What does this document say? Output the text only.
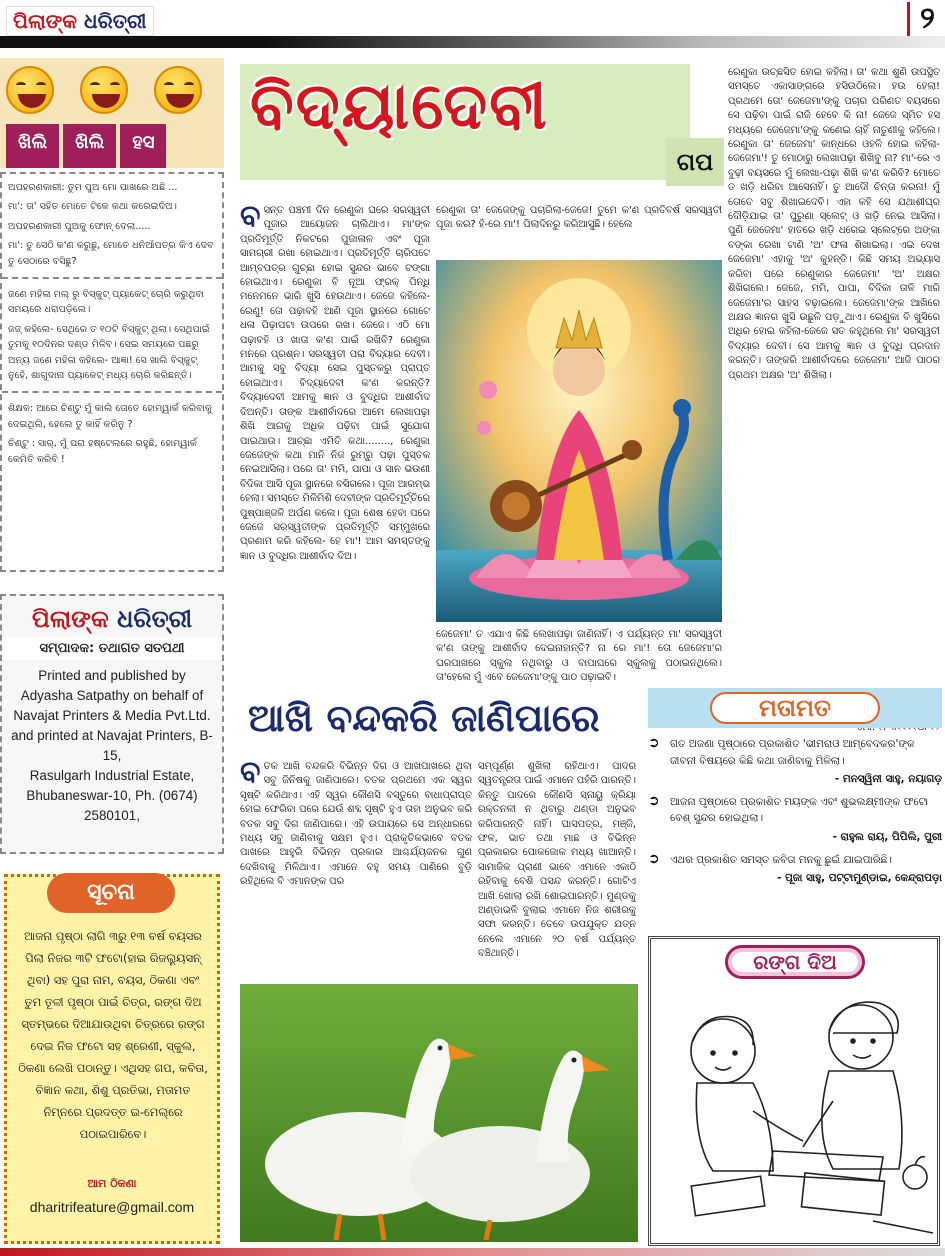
ପିଲାଙ୍କ ଧରିତ୍ରୀ	୨
ଖିଲି	ଖିଲି	ହସ

ଅପହରଣକାରୀ: ତୁମ ପୁଅ ମୋ ପାଖରେ ଅଛି ...

ମା': ତା' ସହିତ ମୋତେ ଟିକେ କଥା କରେଇଦିଅ।

ଅପହରଣକାରୀ ପୁଅକୁ ଫୋନ୍ ଦେଲା.....

ମା': ତୁ ସେଠି କ'ଣ କରୁଛୁ, ମୋତେ ଧନିଆଁପତ୍ର କିଏ ଦେବ ତୁ ସେଠାରେ ବସିଛୁ?

ଜଣେ ମହିଳା ମଲ୍ ରୁ ବିସ୍କୁଟ୍ ପ୍ୟାକେଟ୍ ଚୋରି କରୁଥିବା ସମୟରେ ଧରାପଡ଼ିଲେ।

ଜଜ୍ କହିଲେ- ସେଥିରେ ତ ୧୦ଟି ବିସ୍କୁଟ୍ ଥିଲା। ସେଥିପାଇଁ ତୁମକୁ ୧୦ଦିନର ଦଣ୍ଡ ମିଳିବ। ସେଇ ସମୟରେ ପଛରୁ ଅନ୍ୟ ଜଣେ ମହିଳା କହିଲେ- ଆଜ୍ଞା! ସେ ଖାଲି ବିସ୍କୁଟ୍ ନୁହେଁ, ଶାଗୁଦାନା ପ୍ୟାକେଟ୍ ମଧ୍ୟ ଚୋରି କରିଛନ୍ତି।

ଶିକ୍ଷକ: ଆରେ ଚିଣ୍ଟୁ ମୁଁ କାଲି ତୋତେ ହୋମ୍‌ୱାର୍କ କରିବାକୁ ଦେଇଥିଲି, ହେଲେ ତୁ କାହିଁ କରିନୁ ?

ଚିଣ୍ଟୁ : ସାର୍, ମୁଁ ପରା ହଷ୍ଟେଲରେ ରହୁଛି, ହୋମ୍‌ୱାର୍କ କେମିତି କରିବି !

ପିଲାଙ୍କ ଧରିତ୍ରୀ
ସମ୍ପାଦକ: ତଥାଗତ ସତପଥୀ
Printed and published by
Adyasha Satpathy on behalf of
Navajat Printers & Media Pvt.Ltd.
and printed at Navajat Printers, B-15,
Rasulgarh Industrial Estate,
Bhubaneswar-10, Ph. (0674) 2580101,
ସୂଚନା
ଆଜନା ପୃଷ୍ଠା ଲାଗି ୩ରୁ ୧୩ ବର୍ଷ ବୟସର ପିଲା ନିଜର ୩ଟି ଫଟୋ(ହାଇ ରିଜଲ୍ୟୁସନ୍ ଥିବା) ସହ ପୁରା ନାମ, ବୟସ, ଠିକଣା ଏବଂ ତୁମ ତୂଳୀ ପୃଷ୍ଠା ପାଇଁ ଚିତ୍ର, ରଙ୍ଗ ଦିଅ ସ୍ତମ୍ଭରେ ଦିଆଯାଉଥିବା ଚିତ୍ରରେ ରଙ୍ଗ ଦେଇ ନିଜ ଫଟୋ ସହ ଶ୍ରେଣୀ, ସ୍କୁଲ, ଠିକଣା ଲେଖି ପଠାନ୍ତୁ। ଏଥିସହ ଗପ, କବିତା, ବିଜ୍ଞାନ କଥା, ଶିଶୁ ପ୍ରତିଭା, ମତାମତ ନିମ୍ନରେ ପ୍ରଦତ୍ତ ଇ-ମେଲ୍‌ରେ ପଠାଇପାରିବେ।
ଆମ ଠିକଣା
dharitrifeature@gmail.com
ବିଦ୍ୟାଦେବୀ
ଗପ
ବ ସନ୍ତ ପଞ୍ଚମୀ ଦିନ ରେଣୁକା ଘରେ ସରସ୍ୱତୀ ପୂଜାର ଆୟୋଜନ ଚାଲିଥାଏ। ମା'ଙ୍କ ପ୍ରତିମୂର୍ତ୍ତି ନିକଟରେ ପୁଜାଳାଳ ଏବଂ ପୂଜା ସାମଗ୍ରୀ ରଖା ହୋଇଥାଏ। ପ୍ରତିମୂର୍ତ୍ତି ଚାରିପଟେ ଆମ୍ବପତ୍ର ଗୁଚ୍ଛା ହୋଇ ସୁନ୍ଦର ଭାବେ ଟଙ୍ଗା ହୋଇଥାଏ। ରେଣୁକା ବି ନୂଆ ଫ୍ରକ୍ ପିନ୍ଧି ମନେମନେ ଭାରି ଖୁସି ହେଉଥାଏ। ଜେଜେ କହିଲେ-ରେଣୁ! ତୋ ପଢ଼ାବହି ଆଣି ପୂଜା ସ୍ଥାନରେ ଗୋଟେ ଧଳା ପିଢ଼ାପଟା ଉପରେ ରଖ। ଜେଜେ। ଏଠି ମୋ ପଢ଼ାବହି ଓ ଖାତା କ'ଣ ପାଇଁ ରଖିବି? ରେଣୁକା ମନରେ ପ୍ରଶ୍ନ। ସରସ୍ୱତୀ ପରା ବିଦ୍ୟାର ଦେବୀ। ଆମକୁ ସବୁ ବିଦ୍ୟା ସେଇ ପୁସ୍ତକରୁ ପ୍ରାପ୍ତ ହୋଇଥାଏ। ବିଦ୍ୟାଦେବୀ କ'ଣ କରନ୍ତି? ବିଦ୍ୟାଦେବୀ ଆମକୁ ଜ୍ଞାନ ଓ ବୁଦ୍ଧିର ଆଶୀର୍ବାଦ ଦିଅନ୍ତି। ତାଙ୍କ ଆଶୀର୍ବାଦରେ ଆମେ ଲେଖାପଢ଼ା ଶିଖି ଆଗକୁ ଅଧିକ ପଢ଼ିବା ପାଇଁ ସୁଯୋଗ ପାଇଥାଉ। ଆଚ୍ଛା ଏମିତି କଥା........, ରେଣୁକା ଜେଜେଙ୍କ କଥା ମାନି ନିଜ ରୁମ୍‌ରୁ ପଢ଼ା ପୁସ୍ତକ ନେଇଆସିଲା। ପରେ ତା' ମମି, ପାପା ଓ ସାନ ଭଉଣୀ ବିଦିକା ଆସି ପୂଜା ସ୍ଥାନରେ ବସିଗଲେ। ପୂଜା ଆରମ୍ଭ ହେଲା। ସମସ୍ତେ ମିଳିମିଶି ଦେବୀଙ୍କ ପ୍ରତିମୂର୍ତ୍ତିରେ ପୁଷ୍ପାଞ୍ଜଳି ଅର୍ପଣ କଲେ। ପୂଜା ଶେଷ ହେବା ପରେ ଜେଜେ ସରସ୍ୱତୀଙ୍କ ପ୍ରତିମୂର୍ତ୍ତି ସମ୍ମୁଖରେ ପ୍ରଣାମ କରି କହିଲେ- ହେ ମା'! ଆମ ସମସ୍ତଙ୍କୁ ଜ୍ଞାନ ଓ ବୁଦ୍ଧିର ଆଶୀର୍ବାଦ ଦିଅ।
ରେଣୁକା ତା' ଜେଜେଙ୍କୁ ପଚାରିଲା-ଜେଜେ! ତୁମେ କ'ଣ ପ୍ରତିବର୍ଷ ସରସ୍ୱତୀ ପୂଜା କର? ହଁ-ରେ ମା'! ପିଲାଦିନରୁ କରିଆସୁଛି। ହେଲେ
ଜେଜେମା' ତ ଏଯାଏ କିଛି ଲେଖାପଢ଼ା ଜାଣିନାହିଁ। ଏ ପର୍ଯ୍ୟନ୍ତ ମା' ସରସ୍ୱତୀ କ'ଣ ତାଙ୍କୁ ଆଶୀର୍ବାଦ ଦେଇନାହାନ୍ତି? ନା ରେ ମା'! ତୋ ଜେଜେମା'ର ଘରପାଖରେ ସ୍କୁଲ ନଥିବାରୁ ଓ ବାପାଘରେ ସ୍କୁଲକୁ ପଠାଇନଥିଲେ। ତା'ହେଲେ ମୁଁ ଏବେ ଜେଜେମା'ଙ୍କୁ ପାଠ ପଢ଼ାଇବି।
ରେଣୁକା ଉଚ୍ଛସିତ ହୋଇ କହିଲା। ତା' କଥା ଶୁଣି ଉପସ୍ଥିତ ସମସ୍ତେ ଏକାସାଙ୍ଗରେ ହସିଉଠିଲେ। ହଉ ହେଲା! ପ୍ରଥମେ ତୋ' ଜେଜେମା'ଙ୍କୁ ପଚାର ପରିଣତ ବୟସରେ ସେ ପଢ଼ିବା ପାଇଁ ରାଜି ହେବେ କି ନା! ଜେଜେ ସ୍ମିତ ହସ ମଧ୍ୟରେ ଜେଜେମା'ଙ୍କୁ କଣେଇ ଚାହିଁ ନାତୁଣୀକୁ କହିଲେ। ରେଣୁକା ତା' ଜେଜେମା' କାନ୍ଧରେ ଓହଳି ହୋଇ କହିଲା-ଜେଜେମା'! ତୁ ମୋଠାରୁ ଲେଖାପଢ଼ା ଶିଖିବୁ ନା? ମା'-ରେ ଏ ବୁଢ଼ୀ ବୟସରେ ମୁଁ ଲେଖା-ପଢ଼ା ଶିଖି କ'ଣ କରିବି? ମୋତେ ତ ଖଡ଼ି ଧରିବା ଆସେନାହିଁ। ତୁ ଆଦୌ ଚିନ୍ତା କରନା! ମୁଁ ତୋତେ ସବୁ ଶିଖାଇଦେବି। ଏହା କହି ସେ ଯଥାଶୀଘ୍ର ଦୌଡ଼ିଯାଇ ତା' ପୁରୁଣା ସ୍ଲେଟ୍ ଓ ଖଡ଼ି ନେଇ ଆସିଲା। ପୁଣି ଜେଜେମା' ହାତରେ ଖଡ଼ି ଧରେଇ ସ୍ଲେଟ୍‌ରେ ଅଙ୍କା ବଙ୍କା ରେଖା ଟାଣି 'ଅ' ଫଳା ଶିଖାଇଲା। ଏଇ ଦେଖ ଜେଜେମା' ଏହାକୁ 'ଅ' କୁହନ୍ତି। କିଛି ସମୟ ଅଭ୍ୟାସ କରିବା ପରେ ରେଣୁକାର ଜେଜେମା' 'ଅ' ଅକ୍ଷର ଶିଖିଗଲେ। ଜେଜେ, ମମି, ପାପା, ବିଦିକା ତାଳି ମାରି ଜେଜେମା'ର ସାହସ ବଢ଼ାଇଲେ। ଜେଜେମା'ଙ୍କ ଆଖିରେ ଅକ୍ଷର ଜ୍ଞାନର ଖୁସି ଉଛୁଳି ପଡ଼ୁଥାଏ। ରେଣୁକା ବି ଖୁସିରେ ଅଧିର ହୋଇ କହିଲା-ଜେଜେ ସତ କହୁଥିଲେ ମା' ସରସ୍ୱତୀ ବିଦ୍ୟାର ଦେବୀ। ସେ ଆମକୁ ଜ୍ଞାନ ଓ ବୁଦ୍ଧି ପ୍ରଦାନ କରନ୍ତି। ତାଙ୍କରି ଆଶୀର୍ବାଦରେ ଜେଜେମା' ଆଜି ପାଠର ପ୍ରଥମ ଅକ୍ଷର 'ଅ' ଶିଖିଲା।
ଆଖି ବନ୍ଦକରି ଜାଣିପାରେ
ବ ତକ ଆଖି ବନ୍ଦକରି ବିଭିନ୍ନ ଦିଗ ଓ ଆଖପାଖରେ ଥିବା ସବୁ ଜିନିଷକୁ ଜାଣିପାରେ। ବତକ ପ୍ରଥମେ ଏକ ସ୍ୱର ସୃଷ୍ଟି କରିଥାଏ। ଏହି ସ୍ୱର କୌଣସି ବସ୍ତୁରେ ବାଧାପ୍ରାପ୍ତ ହୋଇ ଫେରିବା ପରେ ଯେଉଁ ଶବ୍ଦ ସୃଷ୍ଟି ହୁଏ ତାହା ଅନୁଭବ କରି ବତକ ସବୁ ଦିଗ ଜାଣିପାରେ। ଏହି ଉପାୟରେ ସେ ଅନ୍ଧାରରେ ମଧ୍ୟ ସବୁ ଜାଣିବାକୁ ସକ୍ଷମ ହୁଏ। ପ୍ରାକୃତିକଭାବେ ବତକ ପାଖରେ ଆହୁରି ବିଭିନ୍ନ ପ୍ରକାର ଆଶ୍ଚର୍ଯ୍ୟଜନକ ଗୁଣ ଦେଖିବାକୁ ମିଳିଥାଏ। ଏମାନେ ବହୁ ସମୟ ପାଣିରେ ବୁଡ଼ି ରହିଥିଲେ ବି ଏମାନଙ୍କ ପର
ସମ୍ପୂର୍ଣ୍ଣ ଶୁଖିଲା ରହିଥାଏ। ପାଦର ସ୍ୱତନ୍ତ୍ରତା ପାଇଁ ଏମାନେ ପହଁରି ପାରନ୍ତି। କିନ୍ତୁ ପାଦରେ କୌଣସି ସ୍ନାୟୁ କ୍ରିୟା ରକ୍ତନଳୀ ନ ଥିବାରୁ ଥଣ୍ଡା ଅନୁଭବ କରିପାରନ୍ତି ନାହିଁ। ଘାସପତ୍ର, ମଞ୍ଜି, ଫଳ, ଭାତ ତଥା ମାଛ ଓ ବିଭିନ୍ନ ପ୍ରକାରର ପୋକଜୋକ ମଧ୍ୟ ଖାଆନ୍ତି। ସାମାଜିକ ପ୍ରାଣୀ ଭାବେ ଏମାନେ ଏକାଠି ରହିବାକୁ ବେଶି ପସନ୍ଦ କରନ୍ତି। ଗୋଟିଏ ଆଖି ଖୋଲା ରଖି ଶୋଇପାରନ୍ତି। ମୁଣ୍ଡକୁ ଅଣ୍ଡାଭଳି ବୁଲାଇ ଏମାନେ ନିଜ ଶରୀରକୁ ସଫା କରନ୍ତି। ତେବେ ଉପଯୁକ୍ତ ଯତ୍ନ ନେଲେ ଏମାନେ ୨୦ ବର୍ଷ ପର୍ଯ୍ୟନ୍ତ ବଞ୍ଚିଥାନ୍ତି।
ମତାମତ
➲ ଗତ ଅଜଣା ପୃଷ୍ଠାରେ ପ୍ରକାଶିତ 'ଭୀମରାଓ ଆମ୍ବେଦକର'ଙ୍କ ଜୀବନୀ ବିଷୟରେ କିଛି କଥା ଜାଣିବାକୁ ମିଳିଲା।
- ମନସ୍ୱିନୀ ସାହୁ, ନୟାଗଡ଼
➲ ଆଜନା ପୃଷ୍ଠାରେ ପ୍ରକାଶିତ ମୟଙ୍କ ଏବଂ ଶୁଭଲକ୍ଷ୍ମୀଙ୍କ ଫଟୋ ବେଶ୍ ସୁନ୍ଦର ହୋଇଥିଲା।
- ରାହୁଲ ରାୟ, ପିପିଲି, ପୁରୀ
➲ ଏଥର ପ୍ରକାଶିତ ସମସ୍ତ କବିତା ମନକୁ ଛୁଇଁ ଯାଇପାରିଛି।
- ପୂଜା ସାହୁ, ପଟ୍ଟାମୁଣ୍ଡାଇ, କେନ୍ଦ୍ରାପଡ଼ା
ରଙ୍ଗ ଦିଅ
